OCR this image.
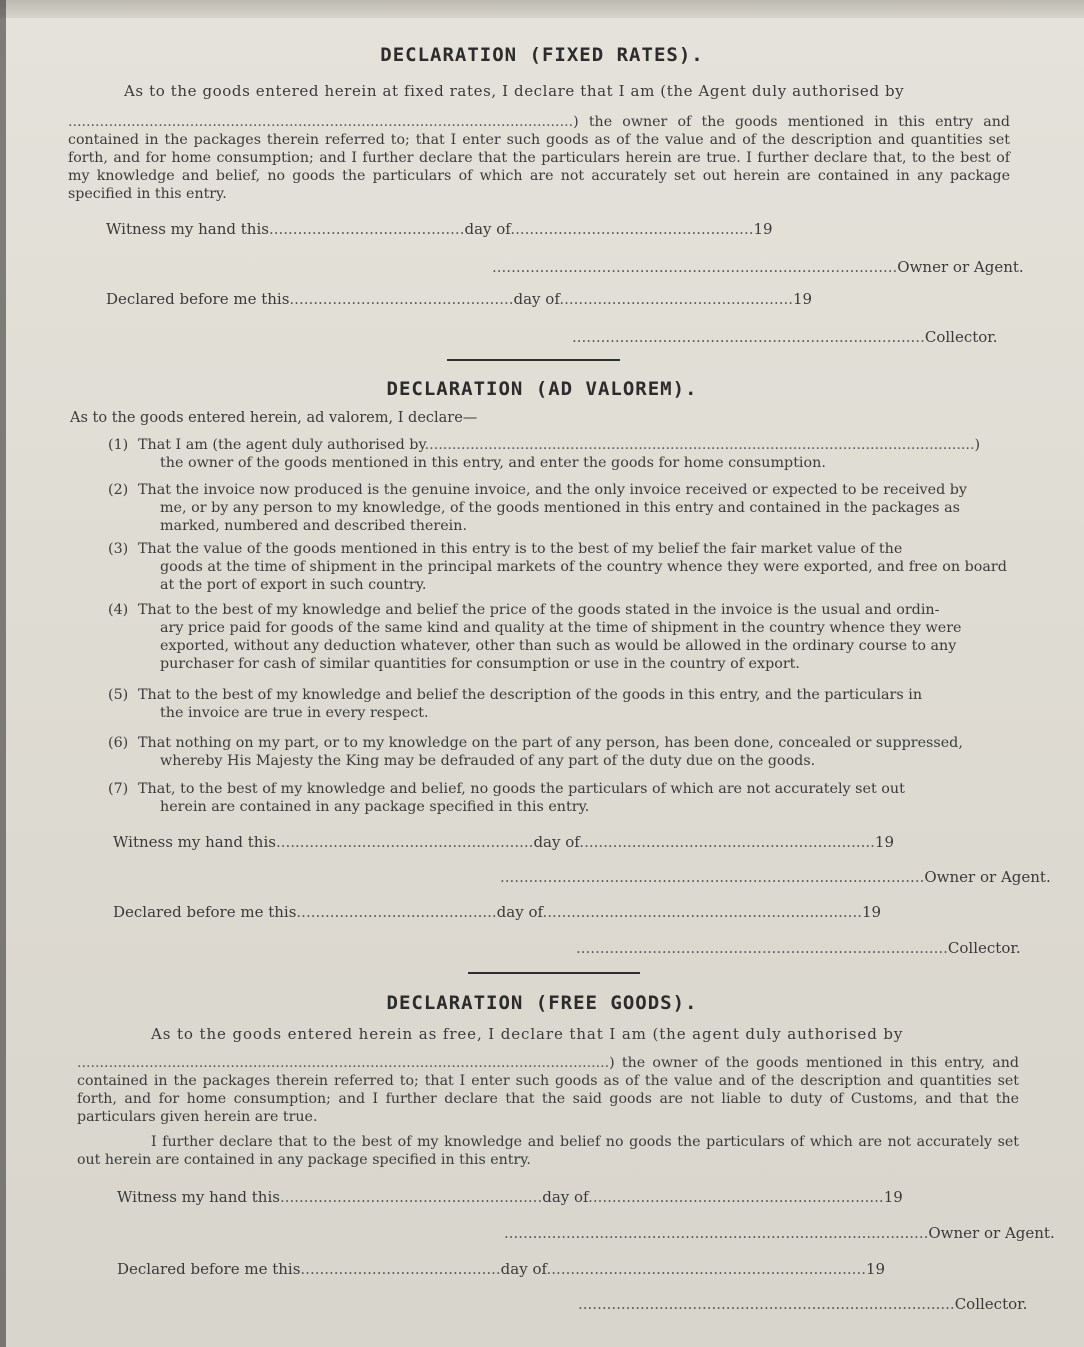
DECLARATION (FIXED RATES).
As to the goods entered herein at fixed rates, I declare that I am (the Agent duly authorised by
................................................................................................................) the owner of the goods mentioned in this entry and contained in the packages therein referred to; that I enter such goods as of the value and of the description and quantities set forth, and for home consumption; and I further declare that the particulars herein are true. I further declare that, to the best of my knowledge and belief, no goods the particulars of which are not accurately set out herein are contained in any package specified in this entry.
Witness my hand this.........................................day of...................................................19
.....................................................................................Owner or Agent.
Declared before me this...............................................day of.................................................19
..........................................................................Collector.
DECLARATION (AD VALOREM).
As to the goods entered herein, ad valorem, I declare—
(1) That I am (the agent duly authorised by.........................................................................................................................)
the owner of the goods mentioned in this entry, and enter the goods for home consumption.
(2) That the invoice now produced is the genuine invoice, and the only invoice received or expected to be received by
me, or by any person to my knowledge, of the goods mentioned in this entry and contained in the packages as marked, numbered and described therein.
(3) That the value of the goods mentioned in this entry is to the best of my belief the fair market value of the
goods at the time of shipment in the principal markets of the country whence they were exported, and free on board at the port of export in such country.
(4) That to the best of my knowledge and belief the price of the goods stated in the invoice is the usual and ordin-
ary price paid for goods of the same kind and quality at the time of shipment in the country whence they were exported, without any deduction whatever, other than such as would be allowed in the ordinary course to any purchaser for cash of similar quantities for consumption or use in the country of export.
(5) That to the best of my knowledge and belief the description of the goods in this entry, and the particulars in
the invoice are true in every respect.
(6) That nothing on my part, or to my knowledge on the part of any person, has been done, concealed or suppressed,
whereby His Majesty the King may be defrauded of any part of the duty due on the goods.
(7) That, to the best of my knowledge and belief, no goods the particulars of which are not accurately set out
herein are contained in any package specified in this entry.
Witness my hand this......................................................day of..............................................................19
.........................................................................................Owner or Agent.
Declared before me this..........................................day of...................................................................19
..............................................................................Collector.
DECLARATION (FREE GOODS).
As to the goods entered herein as free, I declare that I am (the agent duly authorised by
......................................................................................................................) the owner of the goods mentioned in this entry, and contained in the packages therein referred to; that I enter such goods as of the value and of the description and quantities set forth, and for home consumption; and I further declare that the said goods are not liable to duty of Customs, and that the particulars given herein are true.
I further declare that to the best of my knowledge and belief no goods the particulars of which are not accurately set out herein are contained in any package specified in this entry.
Witness my hand this.......................................................day of..............................................................19
.........................................................................................Owner or Agent.
Declared before me this..........................................day of...................................................................19
...............................................................................Collector.
